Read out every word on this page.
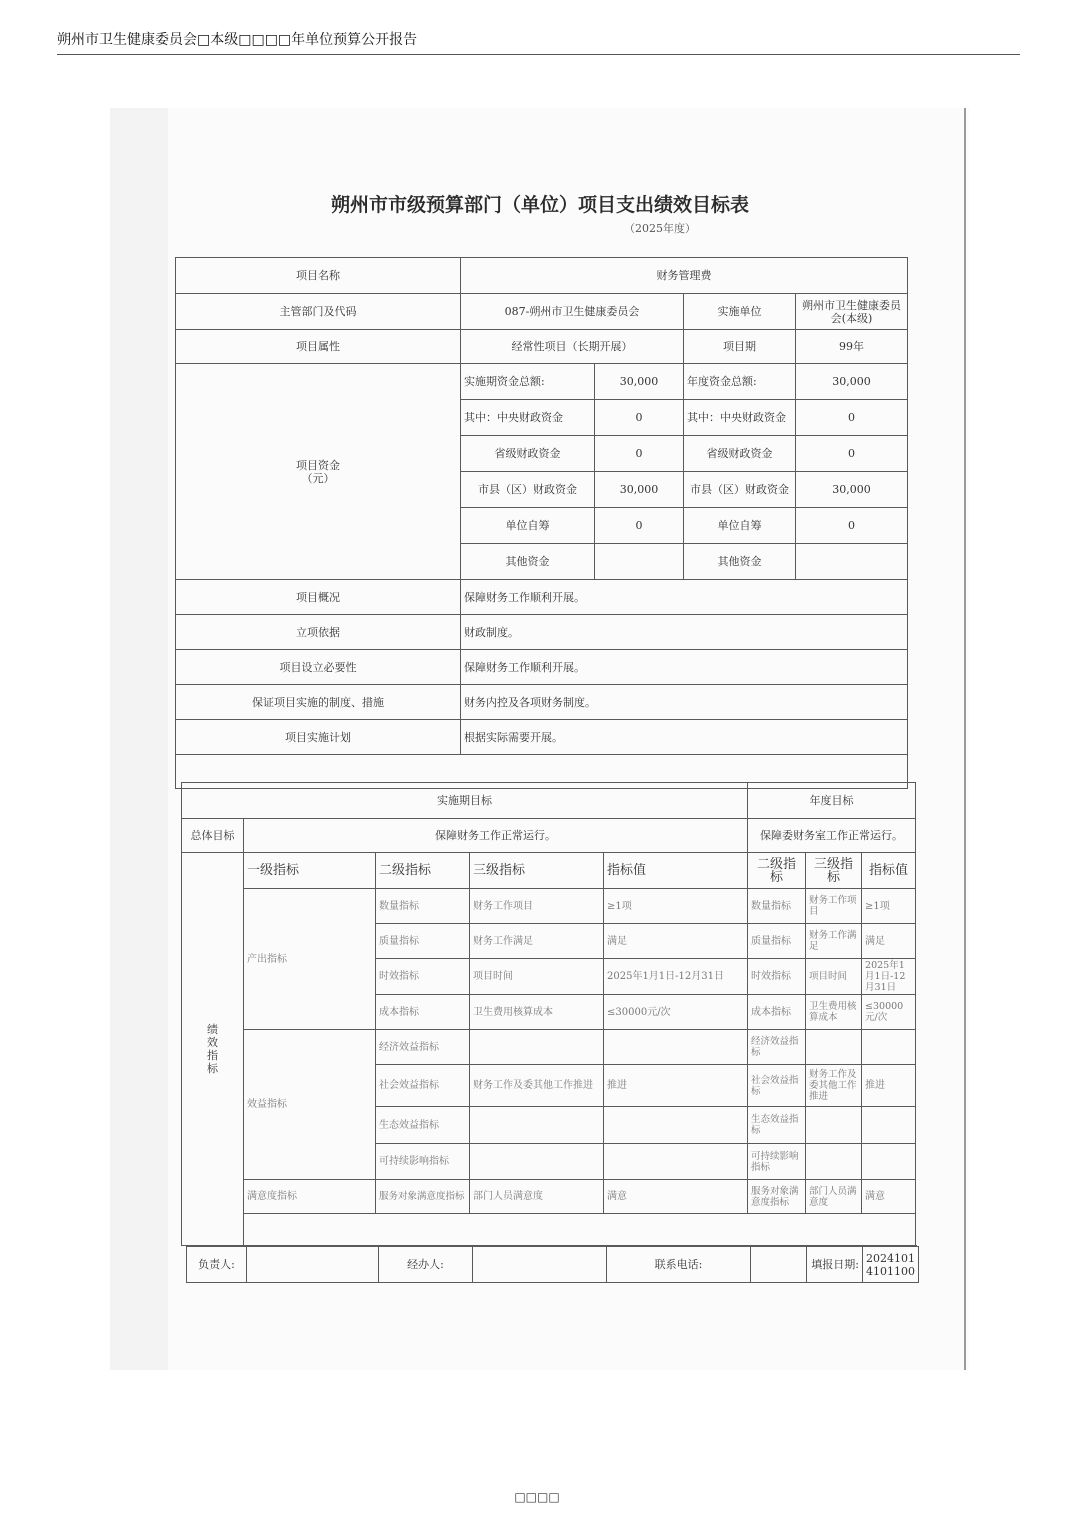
朔州市卫生健康委员会□本级□□□□年单位预算公开报告
朔州市市级预算部门（单位）项目支出绩效目标表
（2025年度）
项目名称	财务管理费			
主管部门及代码	087-朔州市卫生健康委员会		实施单位	朔州市卫生健康委员会(本级)
项目属性	经常性项目（长期开展）		项目期	99年

项目资金
（元）	实施期资金总额:	30,000	年度资金总额:	30,000
	其中：中央财政资金	0	其中：中央财政资金	0
	省级财政资金	0	省级财政资金	0
	市县（区）财政资金	30,000	市县（区）财政资金	30,000
	单位自筹	0	单位自筹	0
	其他资金		其他资金	
项目概况	保障财务工作顺利开展。			
立项依据	财政制度。			
项目设立必要性	保障财务工作顺利开展。			
保证项目实施的制度、措施	财务内控及各项财务制度。			
项目实施计划	根据实际需要开展。			

实施期目标					年度目标		
总体目标	保障财务工作正常运行。				保障委财务室工作正常运行。		

绩效指标	一级指标	二级指标	三级指标	指标值	二级指标	三级指标	指标值
	产出指标	数量指标	财务工作项目	≥1项	数量指标	财务工作项目	≥1项
		质量指标	财务工作满足	满足	质量指标	财务工作满足	满足
		时效指标	项目时间	2025年1月1日-12月31日	时效指标	项目时间	2025年1月1日-12月31日
		成本指标	卫生费用核算成本	≤30000元/次	成本指标	卫生费用核算成本	≤30000元/次
	效益指标	经济效益指标			经济效益指标		
		社会效益指标	财务工作及委其他工作推进	推进	社会效益指标	财务工作及委其他工作推进	推进
		生态效益指标			生态效益指标		
		可持续影响指标			可持续影响指标		
	满意度指标	服务对象满意度指标	部门人员满意度	满意	服务对象满意度指标	部门人员满意度	满意

负责人:		经办人:		联系电话:		填报日期:	20241014101100
□□□□
